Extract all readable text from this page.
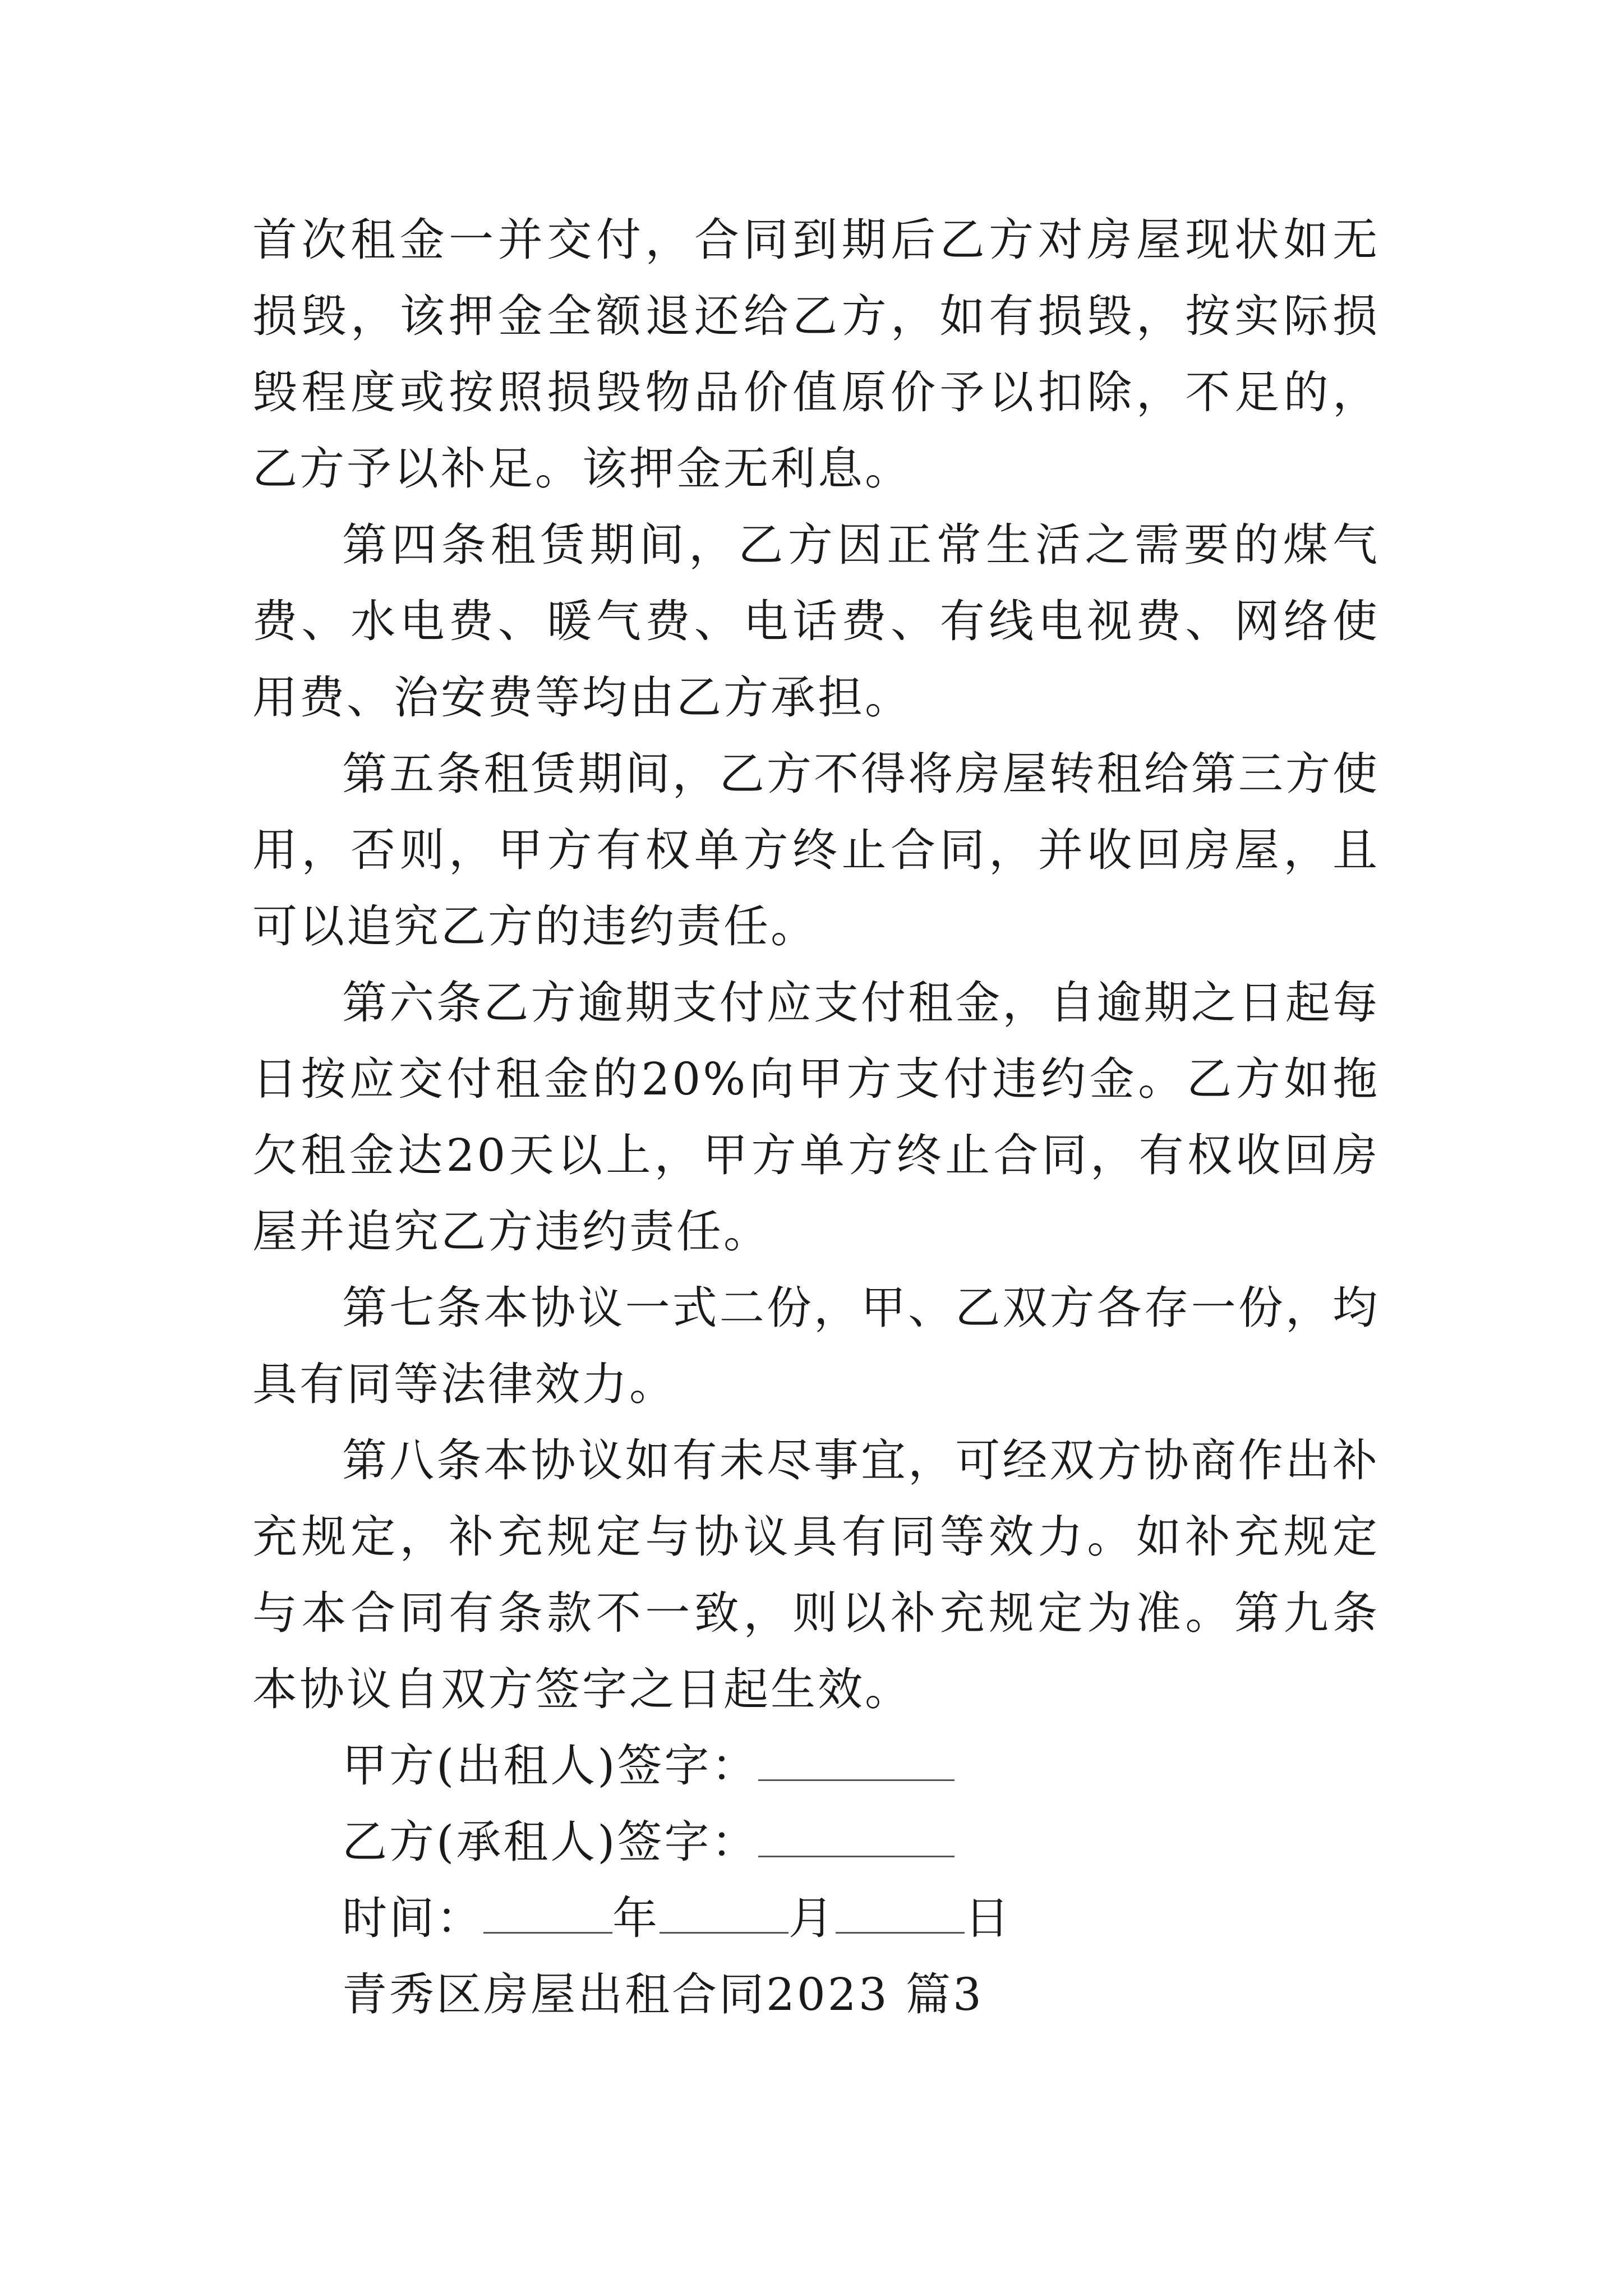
首次租金一并交付，合同到期后乙方对房屋现状如无损毁，该押金全额退还给乙方，如有损毁，按实际损毁程度或按照损毁物品价值原价予以扣除，不足的，乙方予以补足。该押金无利息。

第四条租赁期间，乙方因正常生活之需要的煤气费、水电费、暖气费、电话费、有线电视费、网络使用费、治安费等均由乙方承担。

第五条租赁期间，乙方不得将房屋转租给第三方使用，否则，甲方有权单方终止合同，并收回房屋，且可以追究乙方的违约责任。

第六条乙方逾期支付应支付租金，自逾期之日起每日按应交付租金的20%向甲方支付违约金。乙方如拖欠租金达20天以上，甲方单方终止合同，有权收回房屋并追究乙方违约责任。

第七条本协议一式二份，甲、乙双方各存一份，均具有同等法律效力。

第八条本协议如有未尽事宜，可经双方协商作出补充规定，补充规定与协议具有同等效力。如补充规定与本合同有条款不一致，则以补充规定为准。第九条本协议自双方签字之日起生效。

甲方(出租人)签字：

乙方(承租人)签字：

时间：	年	月	日

青秀区房屋出租合同2023 篇3
